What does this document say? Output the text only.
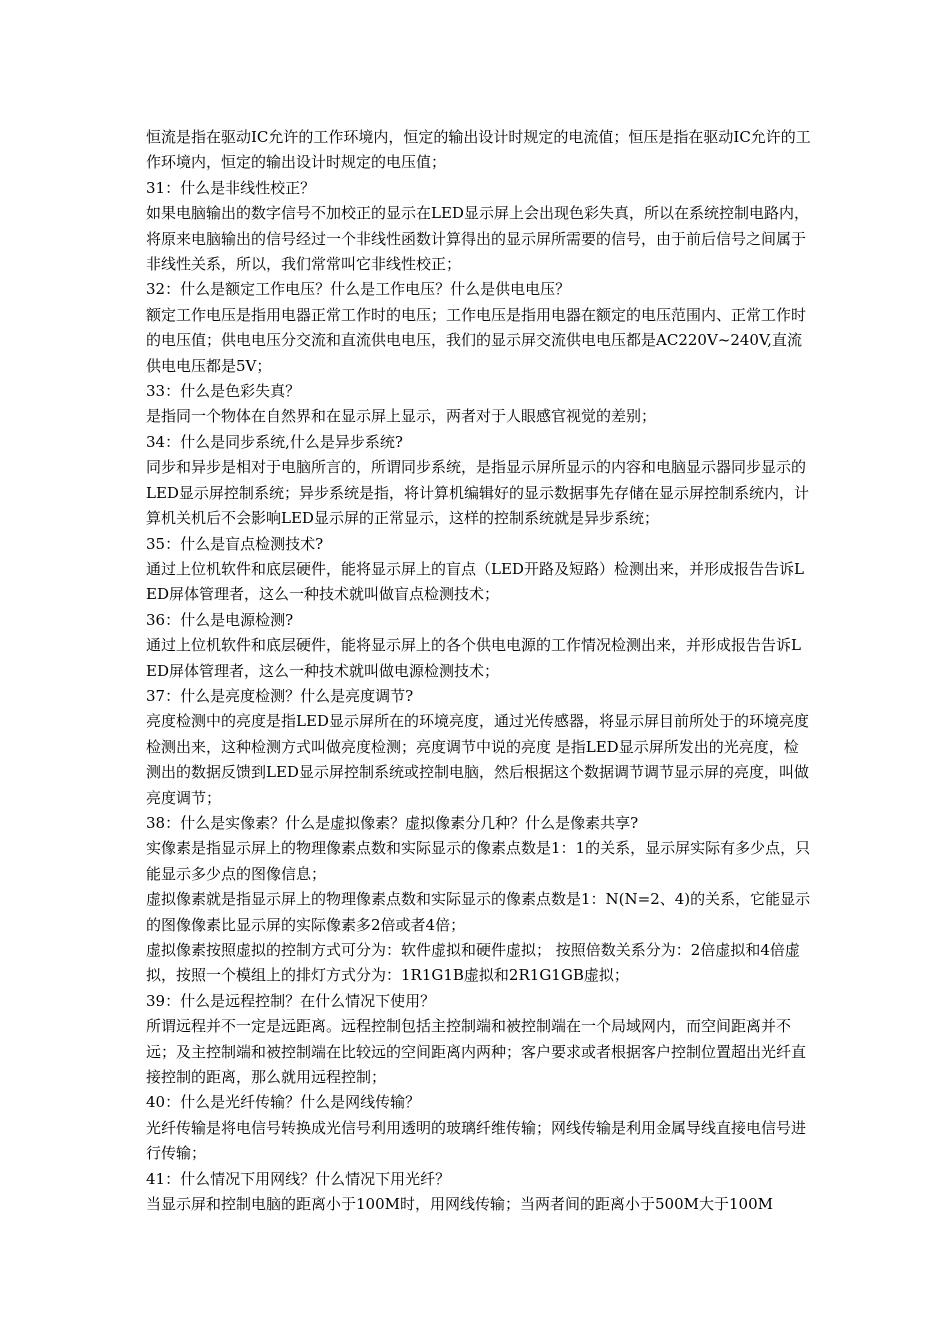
恒流是指在驱动IC允许的工作环境内，恒定的输出设计时规定的电流值；恒压是指在驱动IC允许的工作环境内，恒定的输出设计时规定的电压值；

31：什么是非线性校正？

如果电脑输出的数字信号不加校正的显示在LED显示屏上会出现色彩失真，所以在系统控制电路内，将原来电脑输出的信号经过一个非线性函数计算得出的显示屏所需要的信号，由于前后信号之间属于非线性关系，所以，我们常常叫它非线性校正；

32：什么是额定工作电压？什么是工作电压？什么是供电电压？

额定工作电压是指用电器正常工作时的电压；工作电压是指用电器在额定的电压范围内、正常工作时的电压值；供电电压分交流和直流供电电压，我们的显示屏交流供电电压都是AC220V~240V,直流供电电压都是5V；

33：什么是色彩失真？

是指同一个物体在自然界和在显示屏上显示，两者对于人眼感官视觉的差别；

34：什么是同步系统,什么是异步系统?

同步和异步是相对于电脑所言的，所谓同步系统，是指显示屏所显示的内容和电脑显示器同步显示的LED显示屏控制系统；异步系统是指，将计算机编辑好的显示数据事先存储在显示屏控制系统内，计算机关机后不会影响LED显示屏的正常显示，这样的控制系统就是异步系统；

35：什么是盲点检测技术?

通过上位机软件和底层硬件，能将显示屏上的盲点（LED开路及短路）检测出来，并形成报告告诉LED屏体管理者，这么一种技术就叫做盲点检测技术；

36：什么是电源检测?

通过上位机软件和底层硬件，能将显示屏上的各个供电电源的工作情况检测出来，并形成报告告诉LED屏体管理者，这么一种技术就叫做电源检测技术；

37：什么是亮度检测？什么是亮度调节?

亮度检测中的亮度是指LED显示屏所在的环境亮度，通过光传感器，将显示屏目前所处于的环境亮度检测出来，这种检测方式叫做亮度检测；亮度调节中说的亮度 是指LED显示屏所发出的光亮度，检测出的数据反馈到LED显示屏控制系统或控制电脑，然后根据这个数据调节调节显示屏的亮度，叫做亮度调节；

38：什么是实像素？什么是虚拟像素？虚拟像素分几种？什么是像素共享?

实像素是指显示屏上的物理像素点数和实际显示的像素点数是1：1的关系，显示屏实际有多少点，只能显示多少点的图像信息；

虚拟像素就是指显示屏上的物理像素点数和实际显示的像素点数是1：N(N=2、4)的关系，它能显示的图像像素比显示屏的实际像素多2倍或者4倍；

虚拟像素按照虚拟的控制方式可分为：软件虚拟和硬件虚拟； 按照倍数关系分为：2倍虚拟和4倍虚拟，按照一个模组上的排灯方式分为：1R1G1B虚拟和2R1G1GB虚拟；

39：什么是远程控制？在什么情况下使用？

所谓远程并不一定是远距离。远程控制包括主控制端和被控制端在一个局域网内，而空间距离并不远；及主控制端和被控制端在比较远的空间距离内两种；客户要求或者根据客户控制位置超出光纤直接控制的距离，那么就用远程控制；

40：什么是光纤传输？什么是网线传输？

光纤传输是将电信号转换成光信号利用透明的玻璃纤维传输；网线传输是利用金属导线直接电信号进行传输；

41：什么情况下用网线？什么情况下用光纤？

当显示屏和控制电脑的距离小于100M时，用网线传输；当两者间的距离小于500M大于100M
